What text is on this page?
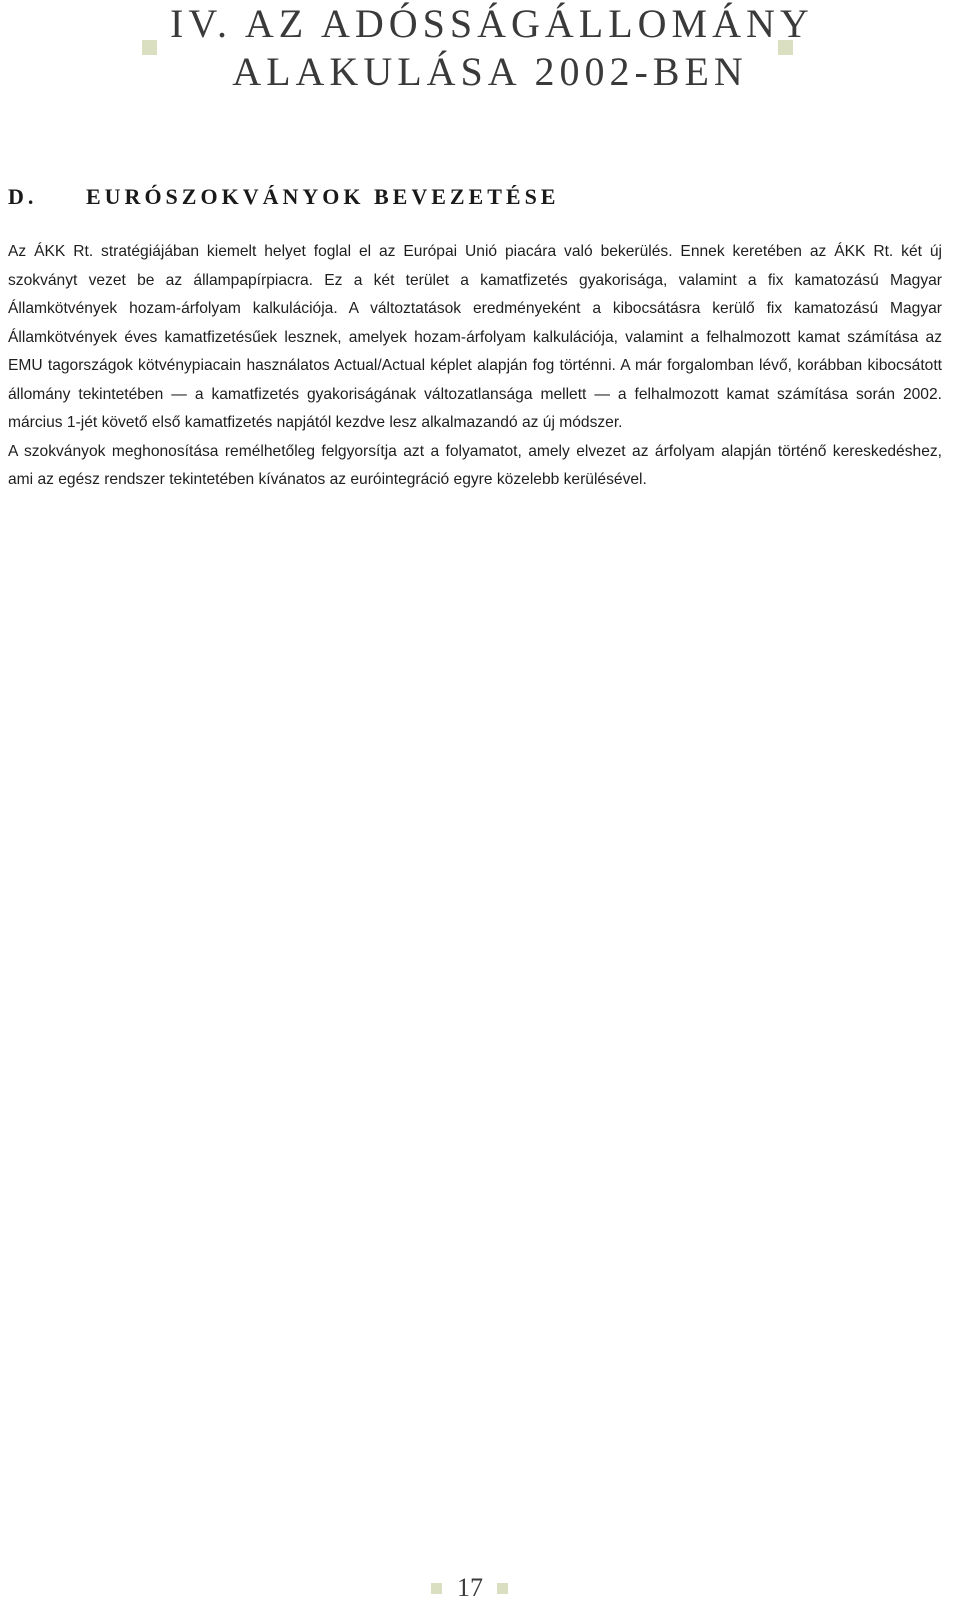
IV. AZ ADÓSSÁGÁLLOMÁNY
ALAKULÁSA 2002-BEN
D. EURÓSZOKVÁNYOK BEVEZETÉSE

Az ÁKK Rt. stratégiájában kiemelt helyet foglal el az Európai Unió piacára való bekerülés. Ennek keretében az ÁKK Rt. két új szokványt vezet be az állampapírpiacra. Ez a két terület a kamatfizetés gyakorisága, valamint a fix kamatozású Magyar Államkötvények hozam-árfolyam kalkulációja. A változtatások eredményeként a kibocsátásra kerülő fix kamatozású Magyar Államkötvények éves kamatfizetésűek lesznek, amelyek hozam-árfolyam kalkulációja, valamint a felhalmozott kamat számítása az EMU tagországok kötvénypiacain használatos Actual/Actual képlet alapján fog történni. A már forgalomban lévő, korábban kibocsátott állomány tekintetében — a kamatfizetés gyakoriságának változatlansága mellett — a felhalmozott kamat számítása során 2002. március 1-jét követő első kamatfizetés napjától kezdve lesz alkalmazandó az új módszer.

A szokványok meghonosítása remélhetőleg felgyorsítja azt a folyamatot, amely elvezet az árfolyam alapján történő kereskedéshez, ami az egész rendszer tekintetében kívánatos az euróintegráció egyre közelebb kerülésével.

17
